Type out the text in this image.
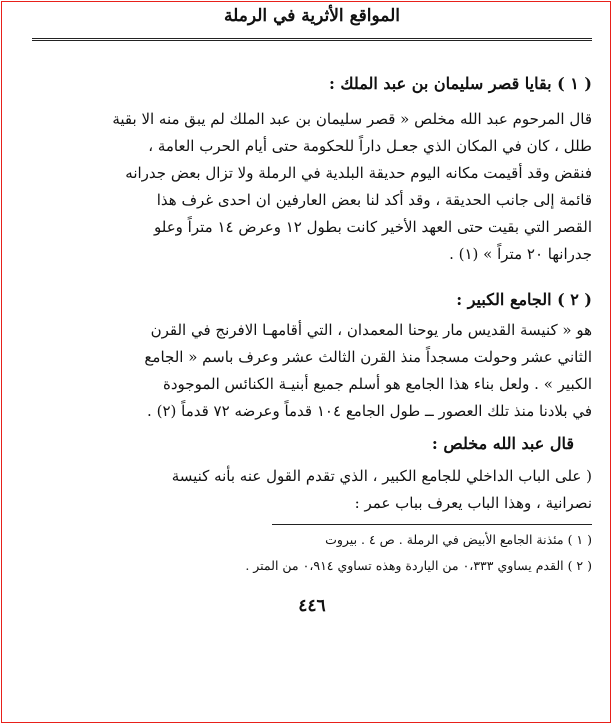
المواقع الأثرية في الرملة
( ١ ) بقايا قصر سليمان بن عبد الملك :
قال المرحوم عبد الله مخلص « قصر سليمان بن عبد الملك لم يبق منه الا بقية
طلل ، كان في المكان الذي جعـل داراً للحكومة حتى أيام الحرب العامة ،
فنقض وقد أقيمت مكانه اليوم حديقة البلدية في الرملة ولا تزال بعض جدرانه
قائمة إلى جانب الحديقة ، وقد أكد لنا بعض العارفين ان احدى غرف هذا
القصر التي بقيت حتى العهد الأخير كانت بطول ١٢ وعرض ١٤ متراً وعلو
جدرانها ٢٠ متراً » (١) .
( ٢ ) الجامع الكبير :
هو « كنيسة القديس مار يوحنا المعمدان ، التي أقامهـا الافرنج في القرن
الثاني عشر وحولت مسجداً منذ القرن الثالث عشر وعرف باسم « الجامع
الكبير » . ولعل بناء هذا الجامع هو أسلم جميع أبنيـة الكنائس الموجودة
في بلادنا منذ تلك العصور ــ طول الجامع ١٠٤ قدماً وعرضه ٧٢ قدماً (٢) .
قال عبد الله مخلص :
( على الباب الداخلي للجامع الكبير ، الذي تقدم القول عنه بأنه كنيسة
نصرانية ، وهذا الباب يعرف بباب عمر :
( ١ ) مئذنة الجامع الأبيض في الرملة . ص ٤ . بيروت
( ٢ ) القدم يساوي ٠،٣٣٣ من الياردة وهذه تساوي ٠،٩١٤ من المتر .
٤٤٦
